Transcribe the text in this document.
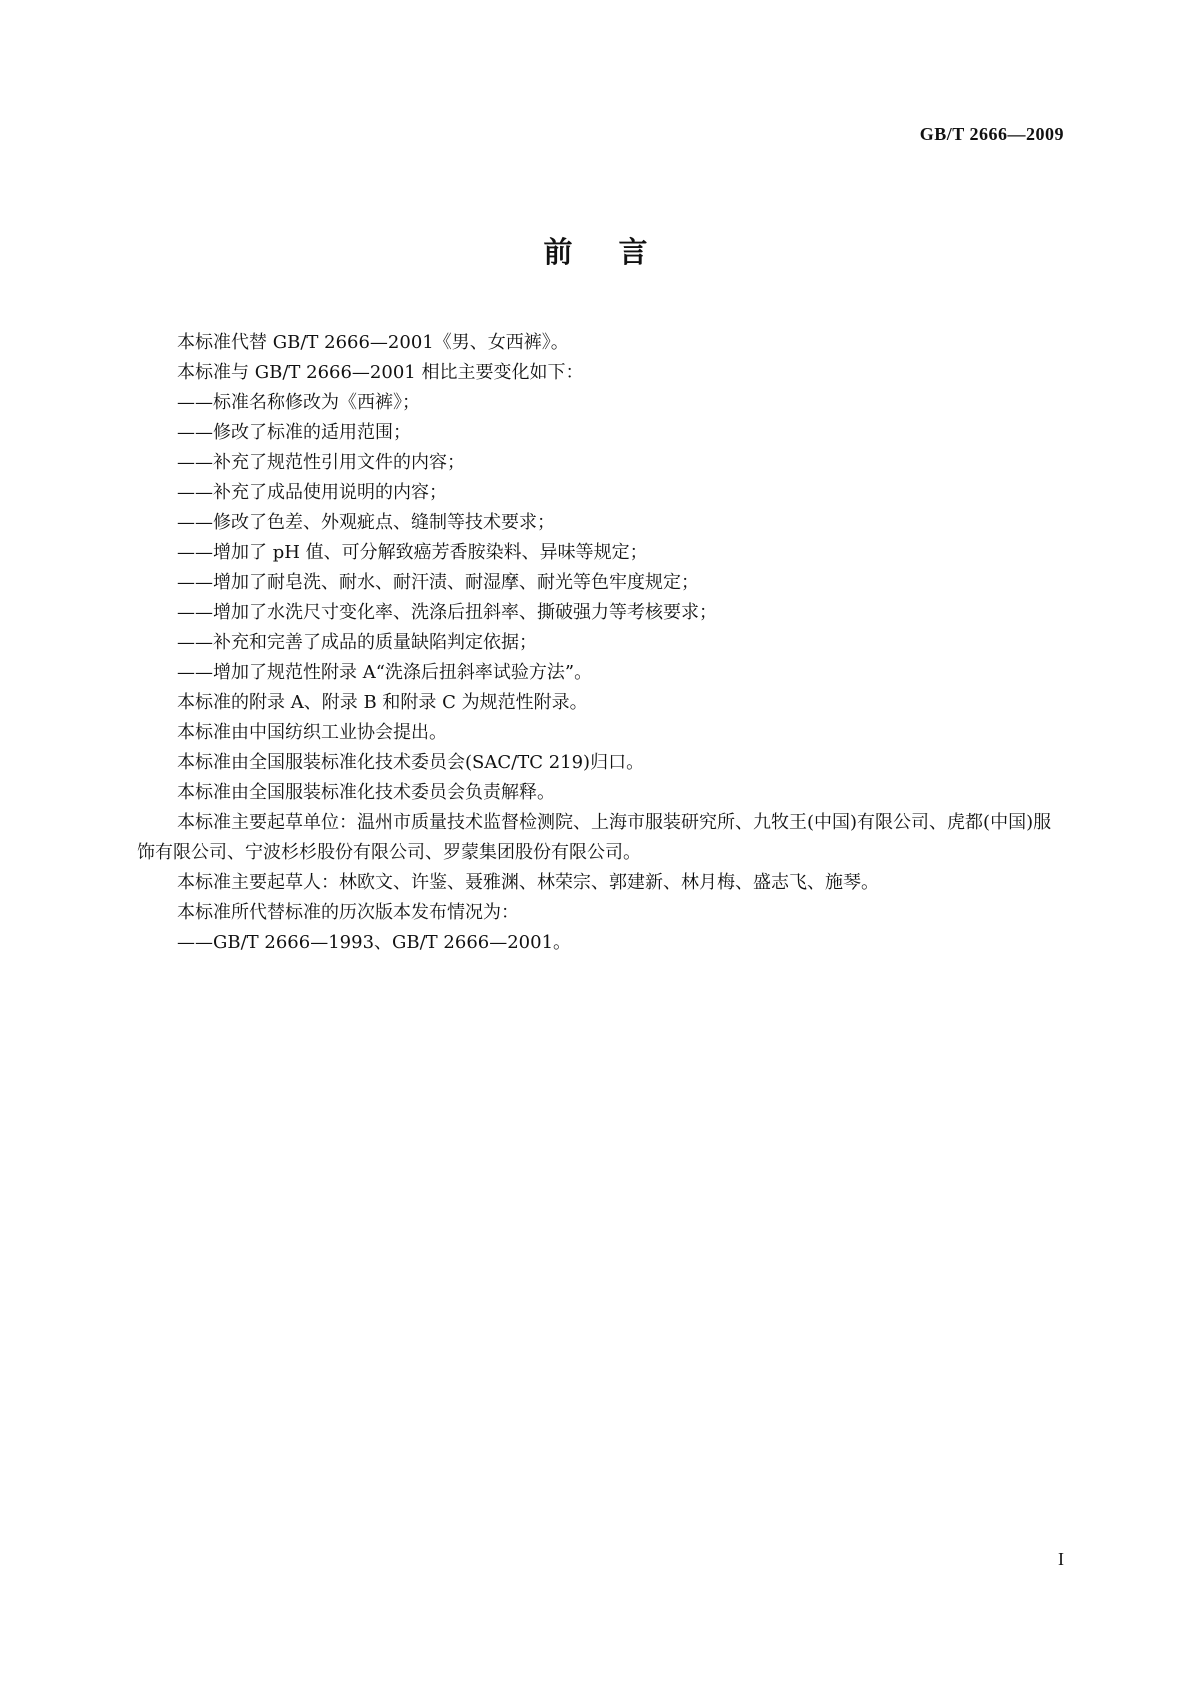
GB/T 2666—2009
前言

本标准代替 GB/T 2666—2001《男、女西裤》。

本标准与 GB/T 2666—2001 相比主要变化如下：

——标准名称修改为《西裤》；

——修改了标准的适用范围；

——补充了规范性引用文件的内容；

——补充了成品使用说明的内容；

——修改了色差、外观疵点、缝制等技术要求；

——增加了 pH 值、可分解致癌芳香胺染料、异味等规定；

——增加了耐皂洗、耐水、耐汗渍、耐湿摩、耐光等色牢度规定；

——增加了水洗尺寸变化率、洗涤后扭斜率、撕破强力等考核要求；

——补充和完善了成品的质量缺陷判定依据；

——增加了规范性附录 A“洗涤后扭斜率试验方法”。

本标准的附录 A、附录 B 和附录 C 为规范性附录。

本标准由中国纺织工业协会提出。

本标准由全国服装标准化技术委员会(SAC/TC 219)归口。

本标准由全国服装标准化技术委员会负责解释。

本标准主要起草单位：温州市质量技术监督检测院、上海市服装研究所、九牧王(中国)有限公司、虎都(中国)服饰有限公司、宁波杉杉股份有限公司、罗蒙集团股份有限公司。

本标准主要起草人：林欧文、许鉴、聂雅渊、林荣宗、郭建新、林月梅、盛志飞、施琴。

本标准所代替标准的历次版本发布情况为：

——GB/T 2666—1993、GB/T 2666—2001。

I
